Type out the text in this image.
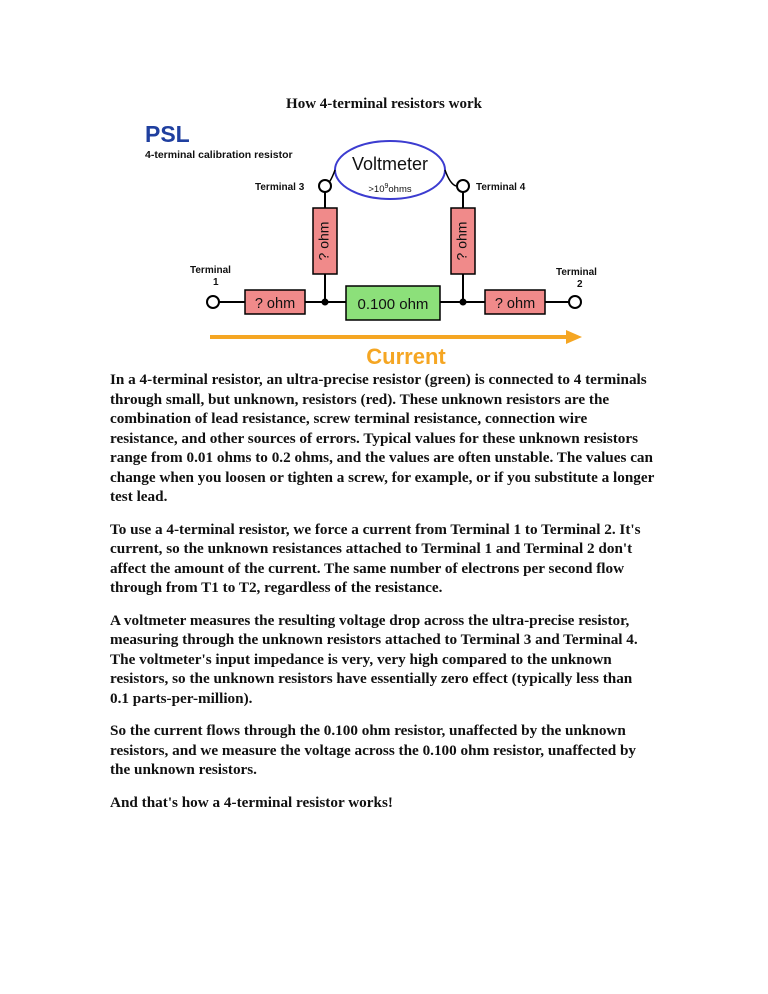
How 4-terminal resistors work
PSL
4-terminal calibration resistor	Voltmeter
$>10^9ohms$
Terminal 3	Terminal 4
? ohm	? ohm
Terminal
1
Terminal
2
? ohm	? ohm
0.100 ohm
Current

In a 4-terminal resistor, an ultra-precise resistor (green) is connected to 4 terminals through small, but unknown, resistors (red). These unknown resistors are the combination of lead resistance, screw terminal resistance, connection wire resistance, and other sources of errors. Typical values for these unknown resistors range from 0.01 ohms to 0.2 ohms, and the values are often unstable. The values can change when you loosen or tighten a screw, for example, or if you substitute a longer test lead.

To use a 4-terminal resistor, we force a current from Terminal 1 to Terminal 2. It's current, so the unknown resistances attached to Terminal 1 and Terminal 2 don't affect the amount of the current. The same number of electrons per second flow through from T1 to T2, regardless of the resistance.

A voltmeter measures the resulting voltage drop across the ultra-precise resistor, measuring through the unknown resistors attached to Terminal 3 and Terminal 4. The voltmeter's input impedance is very, very high compared to the unknown resistors, so the unknown resistors have essentially zero effect (typically less than 0.1 parts-per-million).

So the current flows through the 0.100 ohm resistor, unaffected by the unknown resistors, and we measure the voltage across the 0.100 ohm resistor, unaffected by the unknown resistors.

And that's how a 4-terminal resistor works!
